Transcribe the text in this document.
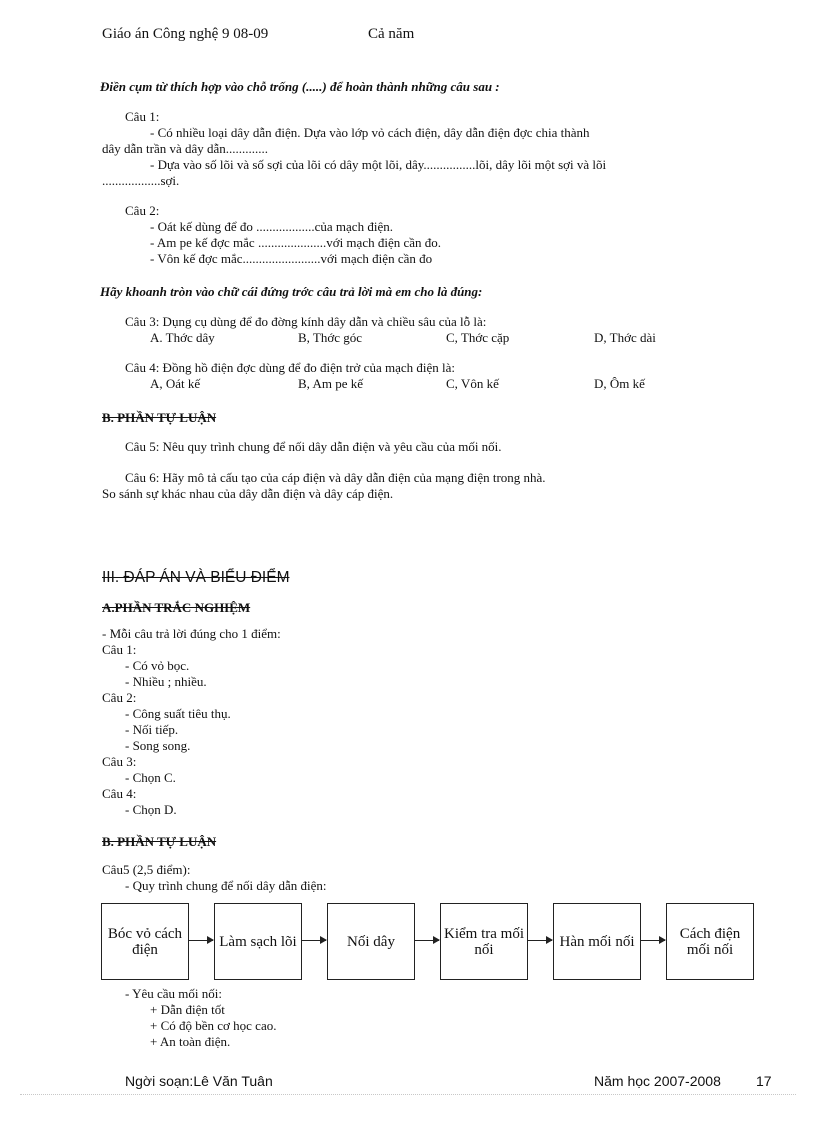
Giáo án Công nghệ 9 08-09	Cả năm
Điền cụm từ thích hợp vào chỗ trống (.....) để hoàn thành những câu sau :
Câu 1:
- Có nhiều loại dây dẫn điện. Dựa vào lớp vỏ cách điện, dây dẫn điện đợc chia thành
dây dẫn trần và dây dẫn.............
- Dựa vào số lõi và số sợi của lõi có dây một lõi, dây................lõi, dây lõi một sợi và lõi
..................sợi.
Câu 2:
- Oát kế dùng để đo ..................của mạch điện.
- Am pe kế đợc mắc .....................với mạch điện cần đo.
- Vôn kế đợc mắc........................với mạch điện cần đo
Hãy khoanh tròn vào chữ cái đứng trớc câu trả lời mà em cho là đúng:
Câu 3: Dụng cụ dùng để đo đờng kính dây dẫn và chiều sâu của lỗ là:
A. Thớc dây	B, Thớc góc	C, Thớc cặp	D, Thớc dài
Câu 4: Đồng hồ điện đợc dùng để đo điện trở của mạch điện là:
A, Oát kế	B, Am pe kế	C, Vôn kế	D, Ôm kế
B. PHẦN TỰ LUẬN
Câu 5: Nêu quy trình chung để nối dây dẫn điện và yêu cầu của mối nối.
Câu 6: Hãy mô tả cấu tạo của cáp điện và dây dẫn điện của mạng điện trong nhà.
So sánh sự khác nhau của dây dẫn điện và dây cáp điện.
III. ĐÁP ÁN VÀ BIỂU ĐIỂM
A.PHẦN TRẮC NGHIỆM
- Mỗi câu trả lời đúng cho 1 điểm:
Câu 1:
- Có vỏ bọc.
- Nhiều ; nhiều.
Câu 2:
- Công suất tiêu thụ.
- Nối tiếp.
- Song song.
Câu 3:
- Chọn C.
Câu 4:
- Chọn D.
B. PHẦN TỰ LUẬN
Câu5 (2,5 điểm):
- Quy trình chung để nối dây dẫn điện:
Bóc vỏ cách điện	Làm sạch lõi	Nối dây	Kiểm tra mối nối	Hàn mối nối	Cách điện mối nối
- Yêu cầu mối nối:
+ Dẫn điện tốt
+ Có độ bền cơ học cao.
+ An toàn điện.
Ngời soạn:Lê Văn Tuân	Năm học 2007-2008	17
